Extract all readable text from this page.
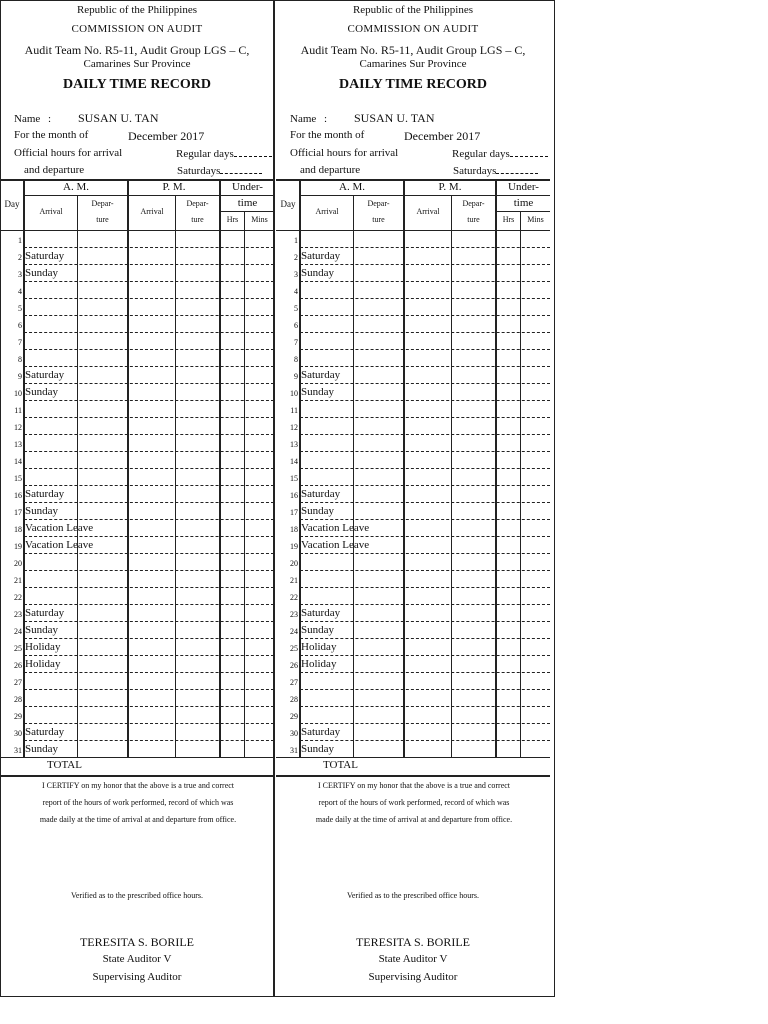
Republic of the Philippines
COMMISSION ON AUDIT
Audit Team No. R5-11, Audit Group LGS – C,
Camarines Sur Province
DAILY TIME RECORD
Name : SUSAN U. TAN
For the month of	December 2017
Official hours for arrival
and departure
Regular days
Saturdays
Day
A. M.	P. M.	Under-
time
Arrival
Depar-
ture
Arrival
Depar-
ture	Hrs	Mins
1
2 Saturday
3 Sunday
4
5
6
7
8
9 Saturday
10 Sunday
11
12
13
14
15
16 Saturday
17 Sunday
18 Vacation Leave
19 Vacation Leave
20
21
22
23 Saturday
24 Sunday
25 Holiday
26 Holiday
27
28
29
30 Saturday
31 Sunday
TOTAL
I CERTIFY on my honor that the above is a true and correct
report of the hours of work performed, record of which was
made daily at the time of arrival at and departure from office.
Verified as to the prescribed office hours.
TERESITA S. BORILE
State Auditor V
Supervising Auditor
Republic of the Philippines
COMMISSION ON AUDIT
Audit Team No. R5-11, Audit Group LGS – C,
Camarines Sur Province
DAILY TIME RECORD
Name : SUSAN U. TAN
For the month of	December 2017
Official hours for arrival
and departure
Regular days
Saturdays
Day
A. M.	P. M.	Under-
time
Arrival
Depar-
ture
Arrival
Depar-
ture	Hrs	Mins
1
2 Saturday
3 Sunday
4
5
6
7
8
9 Saturday
10 Sunday
11
12
13
14
15
16 Saturday
17 Sunday
18 Vacation Leave
19 Vacation Leave
20
21
22
23 Saturday
24 Sunday
25 Holiday
26 Holiday
27
28
29
30 Saturday
31 Sunday
TOTAL
I CERTIFY on my honor that the above is a true and correct
report of the hours of work performed, record of which was
made daily at the time of arrival at and departure from office.
Verified as to the prescribed office hours.
TERESITA S. BORILE
State Auditor V
Supervising Auditor
